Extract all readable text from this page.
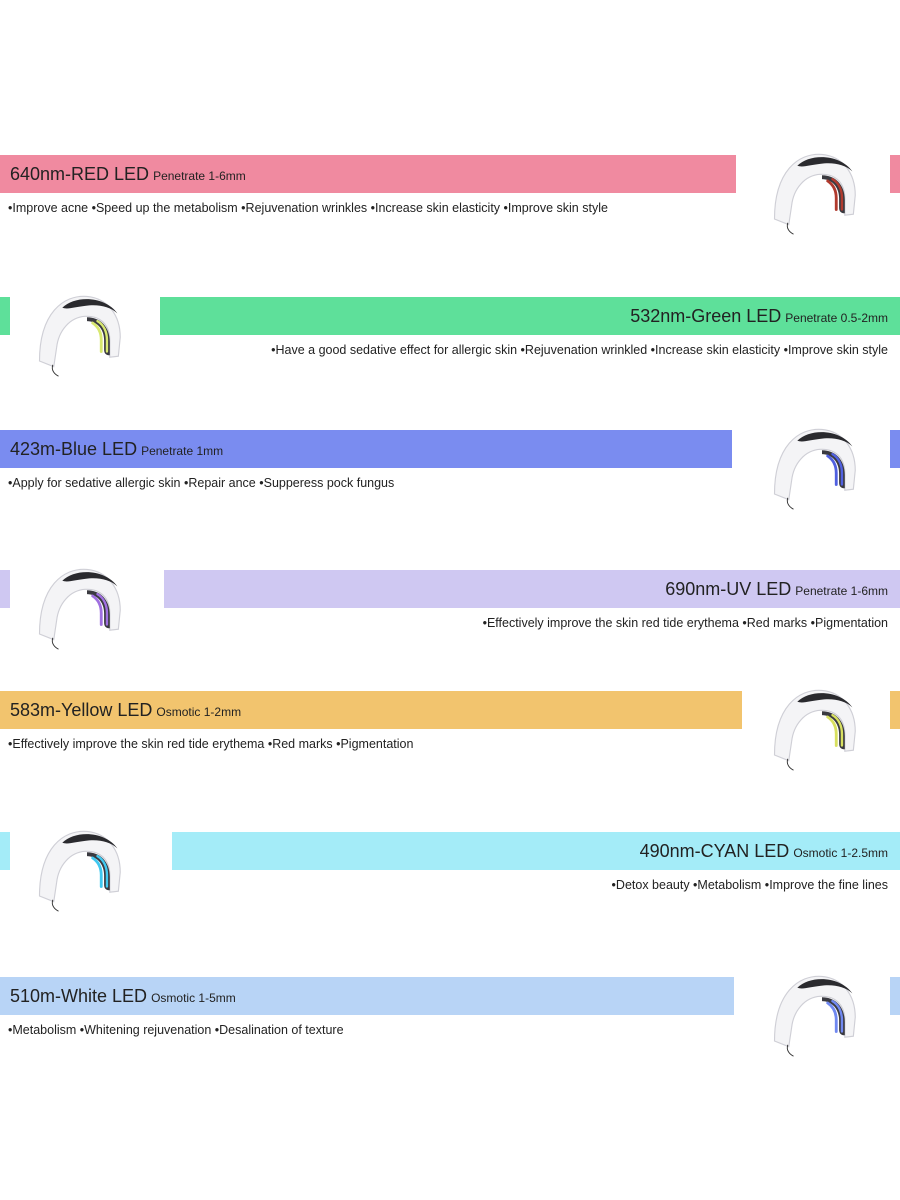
640nm-RED LED Penetrate 1-6mm
•Improve acne •Speed up the metabolism •Rejuvenation wrinkles •Increase skin elasticity •Improve skin style
532nm-Green LED Penetrate 0.5-2mm
•Have a good sedative effect for allergic skin •Rejuvenation wrinkled •Increase skin elasticity •Improve skin style
423m-Blue LED Penetrate 1mm
•Apply for sedative allergic skin •Repair ance •Supperess pock fungus
690nm-UV LED Penetrate 1-6mm
•Effectively improve the skin red tide erythema •Red marks •Pigmentation
583m-Yellow LED Osmotic 1-2mm
•Effectively improve the skin red tide erythema •Red marks •Pigmentation
490nm-CYAN LED Osmotic 1-2.5mm
•Detox beauty •Metabolism •Improve the fine lines
510m-White LED Osmotic 1-5mm
•Metabolism •Whitening rejuvenation •Desalination of texture
